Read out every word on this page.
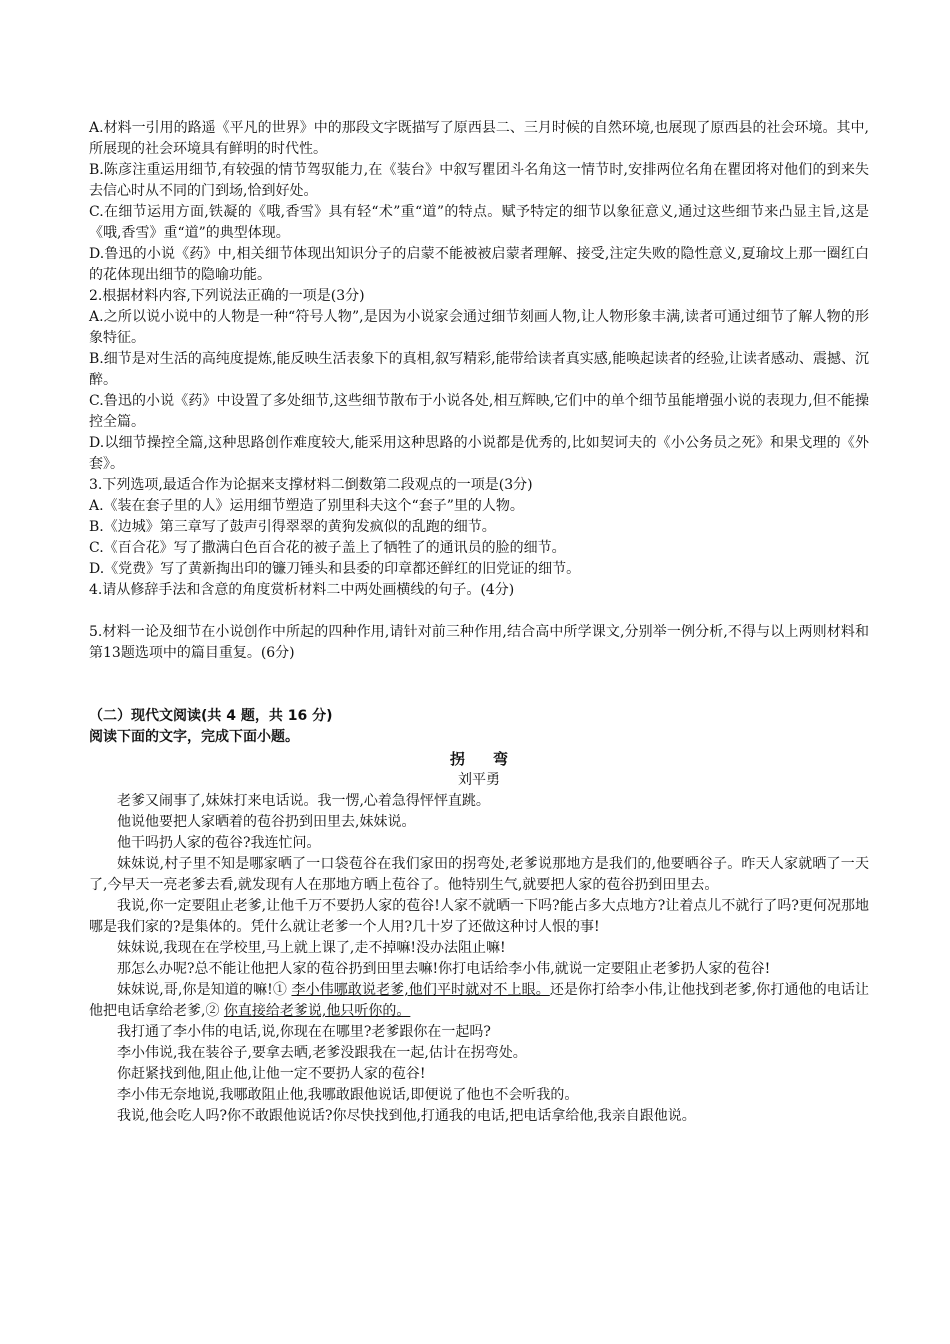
A.材料一引用的路遥《平凡的世界》中的那段文字既描写了原西县二、三月时候的自然环境,也展现了原西县的社会环境。其中,所展现的社会环境具有鲜明的时代性。

B.陈彦注重运用细节,有较强的情节驾驭能力,在《装台》中叙写瞿团斗名角这一情节时,安排两位名角在瞿团将对他们的到来失去信心时从不同的门到场,恰到好处。

C.在细节运用方面,铁凝的《哦,香雪》具有轻“术”重“道”的特点。赋予特定的细节以象征意义,通过这些细节来凸显主旨,这是《哦,香雪》重“道”的典型体现。

D.鲁迅的小说《药》中,相关细节体现出知识分子的启蒙不能被被启蒙者理解、接受,注定失败的隐性意义,夏瑜坟上那一圈红白的花体现出细节的隐喻功能。

2.根据材料内容,下列说法正确的一项是(3分)

A.之所以说小说中的人物是一种“符号人物”,是因为小说家会通过细节刻画人物,让人物形象丰满,读者可通过细节了解人物的形象特征。

B.细节是对生活的高纯度提炼,能反映生活表象下的真相,叙写精彩,能带给读者真实感,能唤起读者的经验,让读者感动、震撼、沉醉。

C.鲁迅的小说《药》中设置了多处细节,这些细节散布于小说各处,相互辉映,它们中的单个细节虽能增强小说的表现力,但不能操控全篇。

D.以细节操控全篇,这种思路创作难度较大,能采用这种思路的小说都是优秀的,比如契诃夫的《小公务员之死》和果戈理的《外套》。

3.下列选项,最适合作为论据来支撑材料二倒数第二段观点的一项是(3分)

A.《装在套子里的人》运用细节塑造了别里科夫这个“套子”里的人物。

B.《边城》第三章写了鼓声引得翠翠的黄狗发疯似的乱跑的细节。

C.《百合花》写了撒满白色百合花的被子盖上了牺牲了的通讯员的脸的细节。

D.《党费》写了黄新掏出印的镰刀锤头和县委的印章都还鲜红的旧党证的细节。

4.请从修辞手法和含意的角度赏析材料二中两处画横线的句子。(4分)

5.材料一论及细节在小说创作中所起的四种作用,请针对前三种作用,结合高中所学课文,分别举一例分析,不得与以上两则材料和第13题选项中的篇目重复。(6分)

（二）现代文阅读(共 4 题，共 16 分)

阅读下面的文字，完成下面小题。

拐弯

刘平勇

老爹又闹事了,妹妹打来电话说。我一愣,心着急得怦怦直跳。

他说他要把人家晒着的苞谷扔到田里去,妹妹说。

他干吗扔人家的苞谷?我连忙问。

妹妹说,村子里不知是哪家晒了一口袋苞谷在我们家田的拐弯处,老爹说那地方是我们的,他要晒谷子。昨天人家就晒了一天了,今早天一亮老爹去看,就发现有人在那地方晒上苞谷了。他特别生气,就要把人家的苞谷扔到田里去。

我说,你一定要阻止老爹,让他千万不要扔人家的苞谷!人家不就晒一下吗?能占多大点地方?让着点儿不就行了吗?更何况那地哪是我们家的?是集体的。凭什么就让老爹一个人用?几十岁了还做这种讨人恨的事!

妹妹说,我现在在学校里,马上就上课了,走不掉嘛!没办法阻止嘛!

那怎么办呢?总不能让他把人家的苞谷扔到田里去嘛!你打电话给李小伟,就说一定要阻止老爹扔人家的苞谷!

妹妹说,哥,你是知道的嘛!① 李小伟哪敢说老爹,他们平时就对不上眼。还是你打给李小伟,让他找到老爹,你打通他的电话让他把电话拿给老爹,② 你直接给老爹说,他只听你的。

我打通了李小伟的电话,说,你现在在哪里?老爹跟你在一起吗?

李小伟说,我在装谷子,要拿去晒,老爹没跟我在一起,估计在拐弯处。

你赶紧找到他,阻止他,让他一定不要扔人家的苞谷!

李小伟无奈地说,我哪敢阻止他,我哪敢跟他说话,即便说了他也不会听我的。

我说,他会吃人吗?你不敢跟他说话?你尽快找到他,打通我的电话,把电话拿给他,我亲自跟他说。
